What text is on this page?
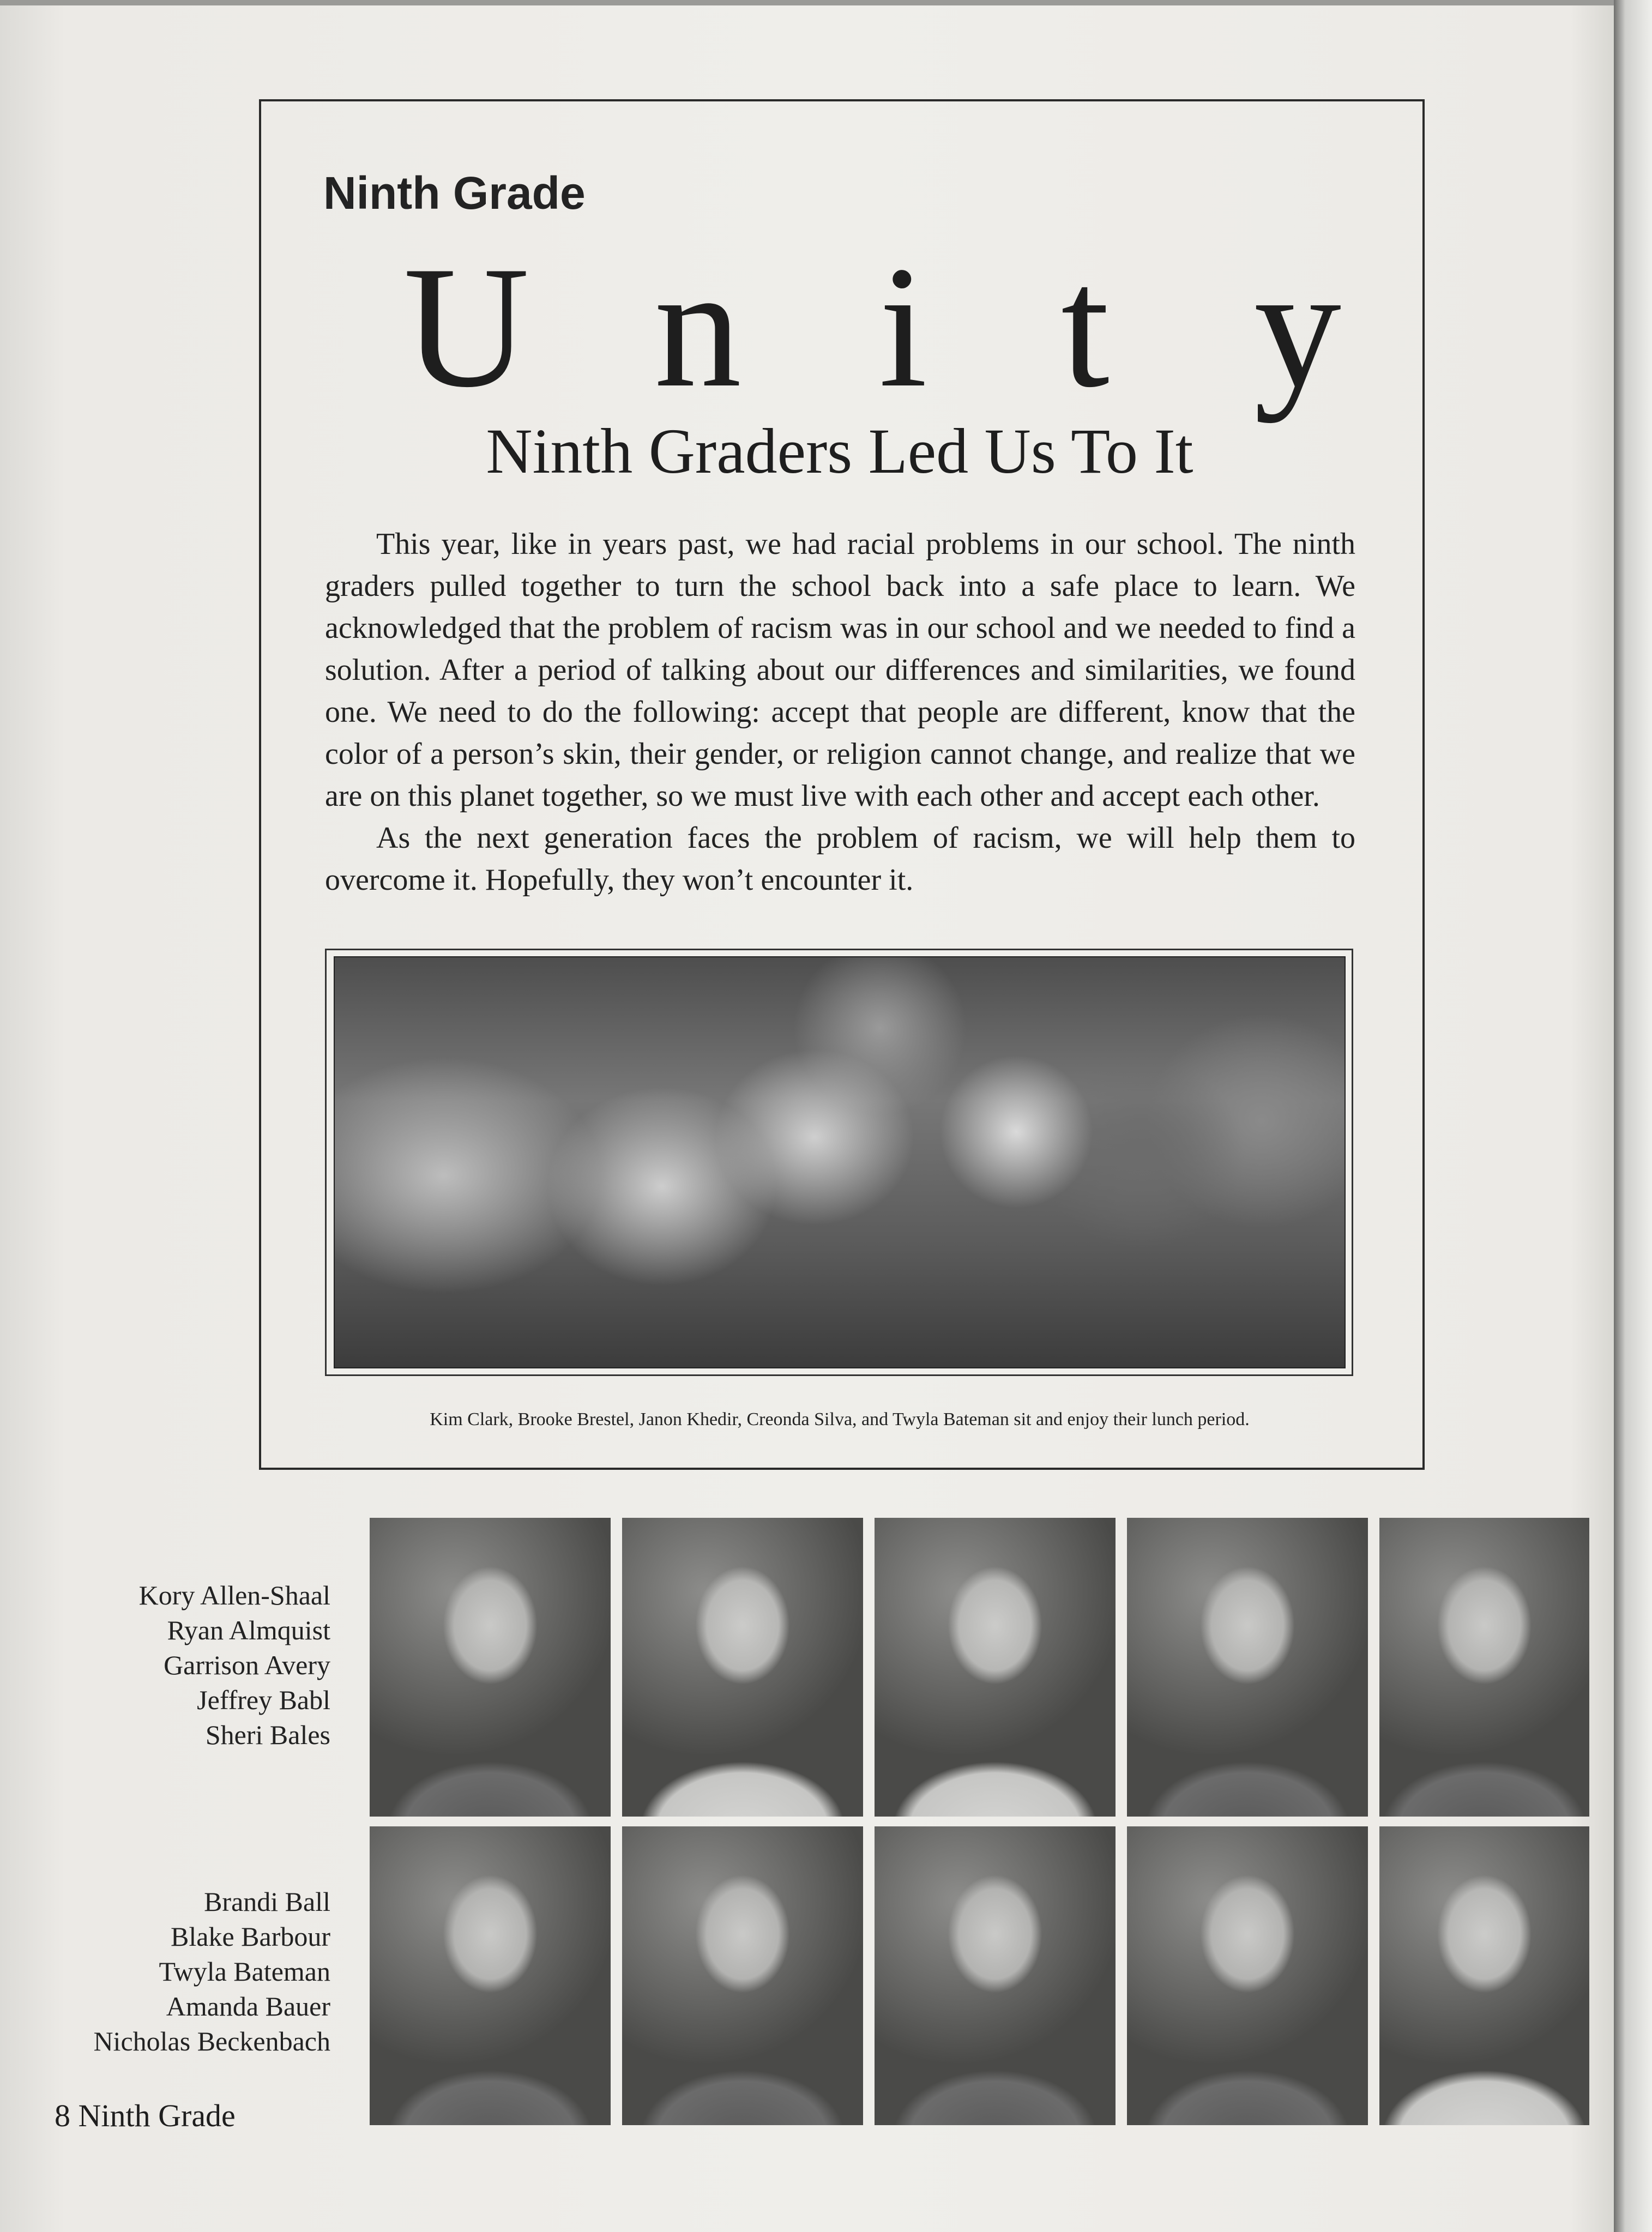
Ninth Grade
U n i t y
Ninth Graders Led Us To It

This year, like in years past, we had racial problems in our school. The ninth graders pulled together to turn the school back into a safe place to learn. We acknowledged that the problem of racism was in our school and we needed to find a solution. After a period of talking about our differences and similarities, we found one. We need to do the following: accept that people are different, know that the color of a person’s skin, their gender, or religion cannot change, and realize that we are on this planet together, so we must live with each other and accept each other.

As the next generation faces the problem of racism, we will help them to overcome it. Hopefully, they won’t encounter it.

Kim Clark, Brooke Brestel, Janon Khedir, Creonda Silva, and Twyla Bateman sit and enjoy their lunch period.
Kory Allen-Shaal
Ryan Almquist
Garrison Avery
Jeffrey Babl
Sheri Bales
Brandi Ball
Blake Barbour
Twyla Bateman
Amanda Bauer
Nicholas Beckenbach
8 Ninth Grade
